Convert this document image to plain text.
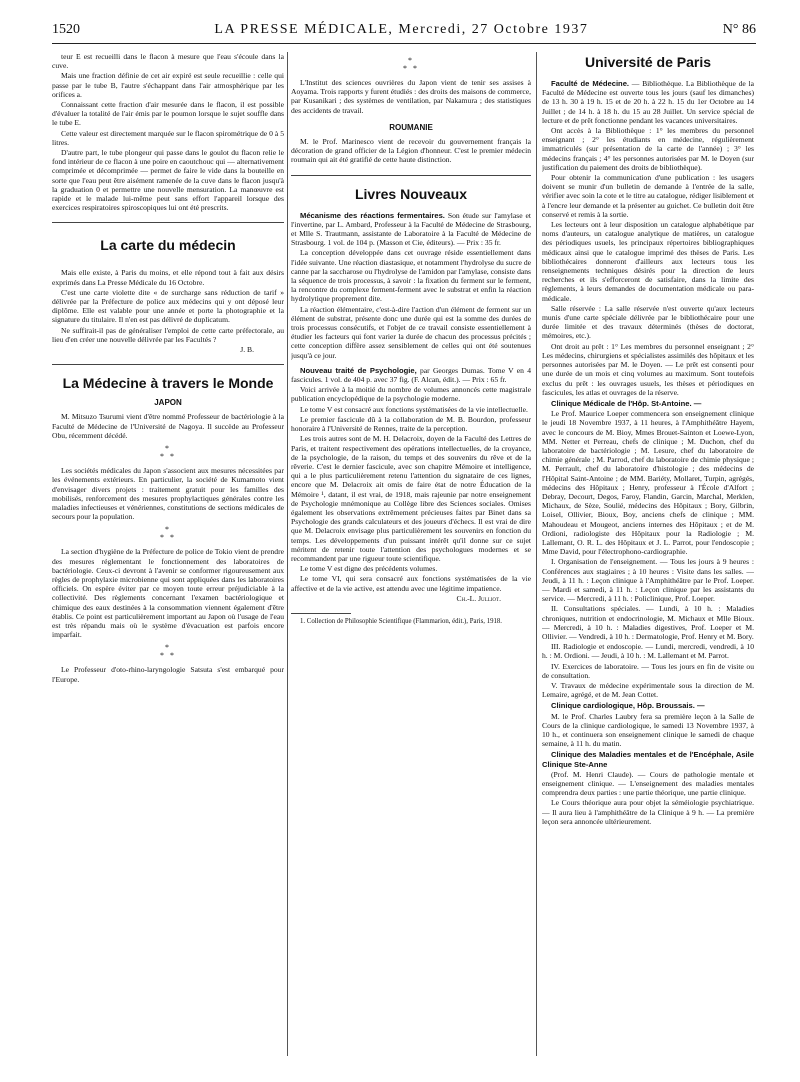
1520	LA PRESSE MÉDICALE, Mercredi, 27 Octobre 1937	N° 86

teur E est recueilli dans le flacon à mesure que l'eau s'écoule dans la cuve.

Mais une fraction définie de cet air expiré est seule recueillie : celle qui passe par le tube B, l'autre s'échappant dans l'air atmosphérique par les orifices a.

Connaissant cette fraction d'air mesurée dans le flacon, il est possible d'évaluer la totalité de l'air émis par le poumon lorsque le sujet souffle dans le tube E.

Cette valeur est directement marquée sur le flacon spirométrique de 0 à 5 litres.

D'autre part, le tube plongeur qui passe dans le goulot du flacon relie le fond intérieur de ce flacon à une poire en caoutchouc qui — alternativement comprimée et décomprimée — permet de faire le vide dans la bouteille en sorte que l'eau peut être aisément ramenée de la cuve dans le flacon jusqu'à la graduation 0 et permettre une nouvelle mensuration. La manœuvre est rapide et le malade lui-même peut sans effort l'appareil lorsque des exercices respiratoires spiroscopiques lui ont été prescrits.

La carte du médecin

Mais elle existe, à Paris du moins, et elle répond tout à fait aux désirs exprimés dans La Presse Médicale du 16 Octobre.

C'est une carte violette dite « de surcharge sans réduction de tarif » délivrée par la Préfecture de police aux médecins qui y ont déposé leur diplôme. Elle est valable pour une année et porte la photographie et la signature du titulaire. Il n'en est pas délivré de duplicatum.

Ne suffirait-il pas de généraliser l'emploi de cette carte préfectorale, au lieu d'en créer une nouvelle délivrée par les Facultés ?

J. B.
La Médecine à travers le Monde
JAPON

M. Mitsuzo Tsurumi vient d'être nommé Professeur de bactériologie à la Faculté de Médecine de l'Université de Nagoya. Il succède au Professeur Obu, récemment décédé.

*
* *

Les sociétés médicales du Japon s'associent aux mesures nécessitées par les événements extérieurs. En particulier, la société de Kumamoto vient d'envisager divers projets : traitement gratuit pour les familles des mobilisés, renforcement des mesures prophylactiques générales contre les maladies infectieuses et vénériennes, constitutions de sections médicales de secours pour la population.

*
* *

La section d'hygiène de la Préfecture de police de Tokio vient de prendre des mesures réglementant le fonctionnement des laboratoires de bactériologie. Ceux-ci devront à l'avenir se conformer rigoureusement aux règles de prophylaxie microbienne qui sont appliquées dans les laboratoires officiels. On espère éviter par ce moyen toute erreur préjudiciable à la collectivité. Des règlements concernant l'examen bactériologique et chimique des eaux destinées à la consommation viennent également d'être établis. Ce point est particulièrement important au Japon où l'usage de l'eau est très répandu mais où le système d'évacuation est parfois encore imparfait.

*
* *

Le Professeur d'oto-rhino-laryngologie Satsuta s'est embarqué pour l'Europe.

*
* *

L'Institut des sciences ouvrières du Japon vient de tenir ses assises à Aoyama. Trois rapports y furent étudiés : des droits des maisons de commerce, par Kusanikari ; des systèmes de ventilation, par Nakamura ; des statistiques des accidents de travail.

ROUMANIE

M. le Prof. Marinesco vient de recevoir du gouvernement français la décoration de grand officier de la Légion d'honneur. C'est le premier médecin roumain qui ait été gratifié de cette haute distinction.

Livres Nouveaux

Mécanisme des réactions fermentaires. Son étude sur l'amylase et l'invertine, par L. Ambard, Professeur à la Faculté de Médecine de Strasbourg, et Mlle S. Trautmann, assistante de Laboratoire à la Faculté de Médecine de Strasbourg. 1 vol. de 104 p. (Masson et Cie, éditeurs). — Prix : 35 fr.

La conception développée dans cet ouvrage réside essentiellement dans l'idée suivante. Une réaction diastasique, et notamment l'hydrolyse du sucre de canne par la saccharose ou l'hydrolyse de l'amidon par l'amylase, consiste dans la séquence de trois processus, à savoir : la fixation du ferment sur le ferment, la rencontre du complexe ferment-ferment avec le substrat et enfin la réaction hydrolytique proprement dite.

La réaction élémentaire, c'est-à-dire l'action d'un élément de ferment sur un élément de substrat, présente donc une durée qui est la somme des durées de trois processus consécutifs, et l'objet de ce travail consiste essentiellement à étudier les facteurs qui font varier la durée de chacun des processus précités ; cette conception diffère assez sensiblement de celles qui ont été soutenues jusqu'à ce jour.

Nouveau traité de Psychologie, par Georges Dumas. Tome V en 4 fascicules. 1 vol. de 404 p. avec 37 fig. (F. Alcan, édit.). — Prix : 65 fr.

Voici arrivée à la moitié du nombre de volumes annoncés cette magistrale publication encyclopédique de la psychologie moderne.

Le tome V est consacré aux fonctions systématisées de la vie intellectuelle.

Le premier fascicule dû à la collaboration de M. B. Bourdon, professeur honoraire à l'Université de Rennes, traite de la perception.

Les trois autres sont de M. H. Delacroix, doyen de la Faculté des Lettres de Paris, et traitent respectivement des opérations intellectuelles, de la croyance, de la psychologie, de la raison, du temps et des souvenirs du rêve et de la rêverie. C'est le dernier fascicule, avec son chapitre Mémoire et intelligence, qui a le plus particulièrement retenu l'attention du signataire de ces lignes, encore que M. Delacroix ait omis de faire état de notre Éducation de la Mémoire ¹, datant, il est vrai, de 1918, mais rajeunie par notre enseignement de Psychologie mnémonique au Collège libre des Sciences sociales. Omises également les observations extrêmement précieuses faites par Binet dans sa Psychologie des grands calculateurs et des joueurs d'échecs. Il est vrai de dire que M. Delacroix envisage plus particulièrement les souvenirs en fonction du temps. Les développements d'un puissant intérêt qu'il donne sur ce sujet méritent de retenir toute l'attention des psychologues modernes et se recommandent par une rigueur toute scientifique.

Le tome V est digne des précédents volumes.

Le tome VI, qui sera consacré aux fonctions systématisées de la vie affective et de la vie active, est attendu avec une légitime impatience.

Ch.-L. Julliot.

1. Collection de Philosophie Scientifique (Flammarion, édit.), Paris, 1918.

Université de Paris

Faculté de Médecine. — Bibliothèque. La Bibliothèque de la Faculté de Médecine est ouverte tous les jours (sauf les dimanches) de 13 h. 30 à 19 h. 15 et de 20 h. à 22 h. 15 du 1er Octobre au 14 Juillet ; de 14 h. à 18 h. du 15 au 28 Juillet. Un service spécial de lecture et de prêt fonctionne pendant les vacances universitaires.

Ont accès à la Bibliothèque : 1° les membres du personnel enseignant ; 2° les étudiants en médecine, régulièrement immatriculés (sur présentation de la carte de l'année) ; 3° les médecins français ; 4° les personnes autorisées par M. le Doyen (sur justification du paiement des droits de bibliothèque).

Pour obtenir la communication d'une publication : les usagers doivent se munir d'un bulletin de demande à l'entrée de la salle, vérifier avec soin la cote et le titre au catalogue, rédiger lisiblement et à l'encre leur demande et la présenter au guichet. Ce bulletin doit être conservé et remis à la sortie.

Les lecteurs ont à leur disposition un catalogue alphabétique par noms d'auteurs, un catalogue analytique de matières, un catalogue des périodiques usuels, les principaux répertoires bibliographiques médicaux ainsi que le catalogue imprimé des thèses de Paris. Les bibliothécaires donneront d'ailleurs aux lecteurs tous les renseignements techniques désirés pour la direction de leurs recherches et ils s'efforceront de satisfaire, dans la limite des règlements, à leurs demandes de documentation médicale ou para-médicale.

Salle réservée : La salle réservée n'est ouverte qu'aux lecteurs munis d'une carte spéciale délivrée par le bibliothécaire pour une durée limitée et des travaux déterminés (thèses de doctorat, mémoires, etc.).

Ont droit au prêt : 1° Les membres du personnel enseignant ; 2° Les médecins, chirurgiens et spécialistes assimilés des hôpitaux et les personnes autorisées par M. le Doyen. — Le prêt est consenti pour une durée de un mois et cinq volumes au maximum. Sont toutefois exclus du prêt : les ouvrages usuels, les thèses et périodiques en fascicules, les atlas et ouvrages de la réserve.

Clinique Médicale de l'Hôp. St-Antoine. —

Le Prof. Maurice Loeper commencera son enseignement clinique le jeudi 18 Novembre 1937, à 11 heures, à l'Amphithéâtre Hayem, avec le concours de M. Bioy, Mmes Brouet-Sainton et Loewe-Lyon, MM. Netter et Perreau, chefs de clinique ; M. Duchon, chef du laboratoire de bactériologie ; M. Lesure, chef du laboratoire de chimie générale ; M. Parrod, chef du laboratoire de chimie physique ; M. Perrault, chef du laboratoire d'histologie ; des médecins de l'Hôpital Saint-Antoine ; de MM. Bariéty, Mollaret, Turpin, agrégés, médecins des Hôpitaux ; Henry, professeur à l'École d'Alfort ; Debray, Decourt, Degos, Faroy, Flandin, Garcin, Marchal, Merklen, Michaux, de Sèze, Soulié, médecins des Hôpitaux ; Bory, Gilbrin, Loisel, Ollivier, Bioux, Boy, anciens chefs de clinique ; MM. Mahoudeau et Mougeot, anciens internes des Hôpitaux ; et de M. Ordioni, radiologiste des Hôpitaux pour la Radiologie ; M. Lallemant, O. R. L. des Hôpitaux et J. L. Parrot, pour l'endoscopie ; Mme David, pour l'électrophono-cardiographie.

I. Organisation de l'enseignement. — Tous les jours à 9 heures : Conférences aux stagiaires ; à 10 heures : Visite dans les salles. — Jeudi, à 11 h. : Leçon clinique à l'Amphithéâtre par le Prof. Loeper. — Mardi et samedi, à 11 h. : Leçon clinique par les assistants du service. — Mercredi, à 11 h. : Policlinique, Prof. Loeper.

II. Consultations spéciales. — Lundi, à 10 h. : Maladies chroniques, nutrition et endocrinologie, M. Michaux et Mlle Bioux. — Mercredi, à 10 h. : Maladies digestives, Prof. Loeper et M. Ollivier. — Vendredi, à 10 h. : Dermatologie, Prof. Henry et M. Bory.

III. Radiologie et endoscopie. — Lundi, mercredi, vendredi, à 10 h. : M. Ordioni. — Jeudi, à 10 h. : M. Lallemant et M. Parrot.

IV. Exercices de laboratoire. — Tous les jours en fin de visite ou de consultation.

V. Travaux de médecine expérimentale sous la direction de M. Lemaire, agrégé, et de M. Jean Cottet.

Clinique cardiologique, Hôp. Broussais. —

M. le Prof. Charles Laubry fera sa première leçon à la Salle de Cours de la clinique cardiologique, le samedi 13 Novembre 1937, à 10 h., et continuera son enseignement clinique le samedi de chaque semaine, à 11 h. du matin.

Clinique des Maladies mentales et de l'Encéphale, Asile Clinique Ste-Anne

(Prof. M. Henri Claude). — Cours de pathologie mentale et enseignement clinique. — L'enseignement des maladies mentales comprendra deux parties : une partie théorique, une partie clinique.

Le Cours théorique aura pour objet la séméiologie psychiatrique. — Il aura lieu à l'amphithéâtre de la Clinique à 9 h. — La première leçon sera annoncée ultérieurement.
